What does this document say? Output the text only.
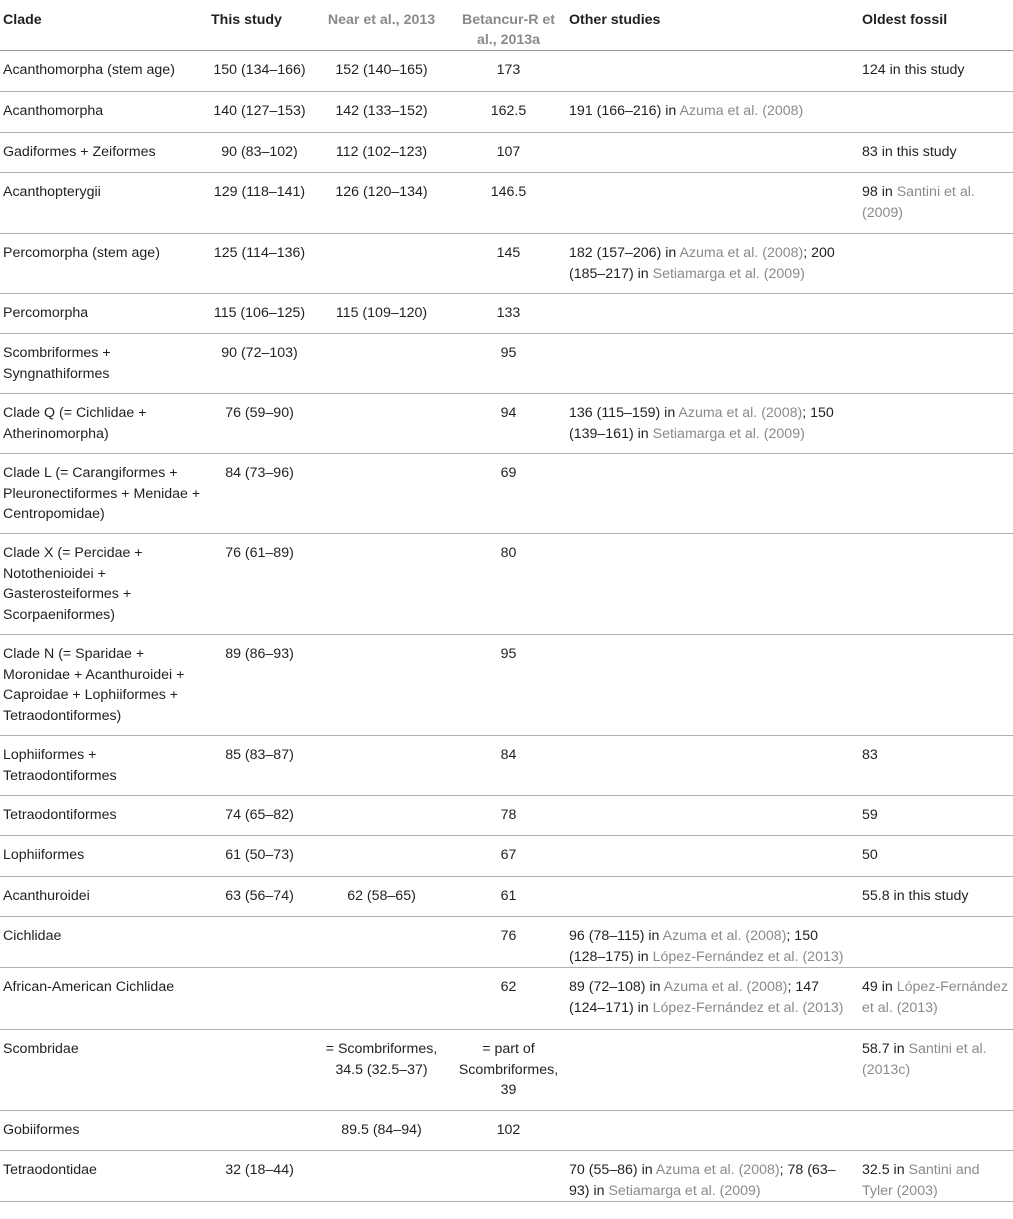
Clade	This study	Near et al., 2013	Betancur-R et al., 2013a	Other studies	Oldest fossil
Acanthomorpha (stem age)	150 (134–166)	152 (140–165)	173		124 in this study
Acanthomorpha	140 (127–153)	142 (133–152)	162.5	191 (166–216) in Azuma et al. (2008)	
Gadiformes + Zeiformes	90 (83–102)	112 (102–123)	107		83 in this study
Acanthopterygii	129 (118–141)	126 (120–134)	146.5		98 in Santini et al. (2009)
Percomorpha (stem age)	125 (114–136)		145	182 (157–206) in Azuma et al. (2008); 200 (185–217) in Setiamarga et al. (2009)	
Percomorpha	115 (106–125)	115 (109–120)	133		
Scombriformes + Syngnathiformes	90 (72–103)		95		
Clade Q (= Cichlidae + Atherinomorpha)	76 (59–90)		94	136 (115–159) in Azuma et al. (2008); 150 (139–161) in Setiamarga et al. (2009)	
Clade L (= Carangiformes + Pleuronectiformes + Menidae + Centropomidae)	84 (73–96)		69		
Clade X (= Percidae + Notothenioidei + Gasterosteiformes + Scorpaeniformes)	76 (61–89)		80		
Clade N (= Sparidae + Moronidae + Acanthuroidei + Caproidae + Lophiiformes + Tetraodontiformes)	89 (86–93)		95		
Lophiiformes + Tetraodontiformes	85 (83–87)		84		83
Tetraodontiformes	74 (65–82)		78		59
Lophiiformes	61 (50–73)		67		50
Acanthuroidei	63 (56–74)	62 (58–65)	61		55.8 in this study
Cichlidae			76	96 (78–115) in Azuma et al. (2008); 150 (128–175) in López-Fernández et al. (2013)	
African-American Cichlidae			62	89 (72–108) in Azuma et al. (2008); 147 (124–171) in López-Fernández et al. (2013)	49 in López-Fernández et al. (2013)
Scombridae		= Scombriformes, 34.5 (32.5–37)	= part of Scombriformes, 39		58.7 in Santini et al. (2013c)
Gobiiformes		89.5 (84–94)	102		
Tetraodontidae	32 (18–44)			70 (55–86) in Azuma et al. (2008); 78 (63–93) in Setiamarga et al. (2009)	32.5 in Santini and Tyler (2003)
